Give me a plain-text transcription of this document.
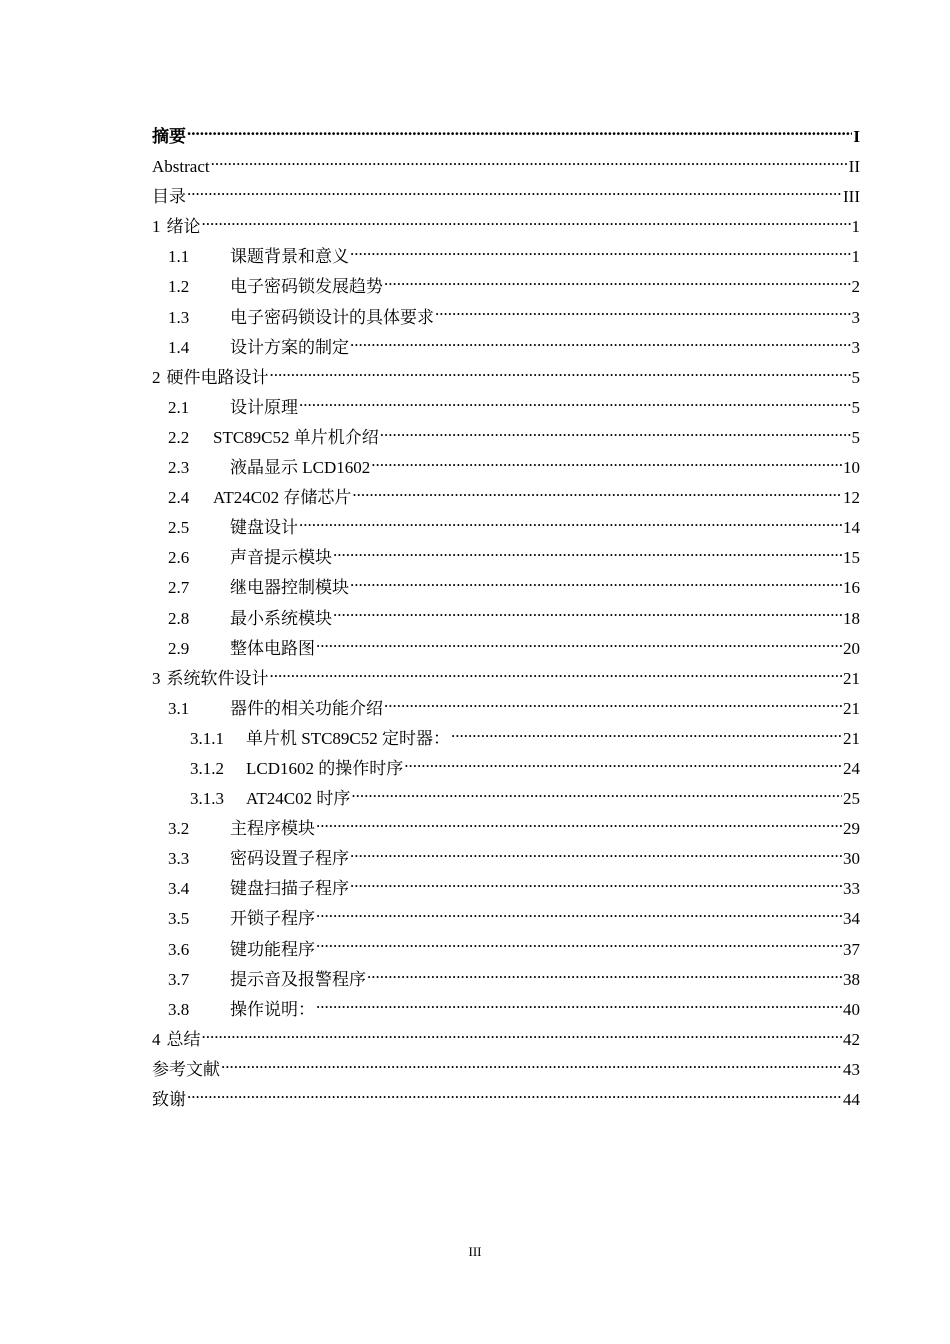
摘要 .....	I
Abstract .....	II
目录 .....	III
1 绪论 .....	1
1.1	课题背景和意义 .....	1
1.2	电子密码锁发展趋势 .....	2
1.3	电子密码锁设计的具体要求 .....	3
1.4	设计方案的制定 .....	3
2 硬件电路设计 .....	5
2.1	设计原理 .....	5
2.2	STC89C52 单片机介绍 .....	5
2.3	液晶显示 LCD1602 .....	10
2.4	AT24C02 存储芯片 .....	12
2.5	键盘设计 .....	14
2.6	声音提示模块 .....	15
2.7	继电器控制模块 .....	16
2.8	最小系统模块 .....	18
2.9	整体电路图 .....	20
3 系统软件设计 .....	21
3.1	器件的相关功能介绍 .....	21
3.1.1	单片机 STC89C52 定时器： .....	21
3.1.2	LCD1602 的操作时序 .....	24
3.1.3	AT24C02 时序 .....	25
3.2	主程序模块 .....	29
3.3	密码设置子程序 .....	30
3.4	键盘扫描子程序 .....	33
3.5	开锁子程序 .....	34
3.6	键功能程序 .....	37
3.7	提示音及报警程序 .....	38
3.8	操作说明： .....	40
4 总结 .....	42
参考文献 .....	43
致谢 .....	44
III
